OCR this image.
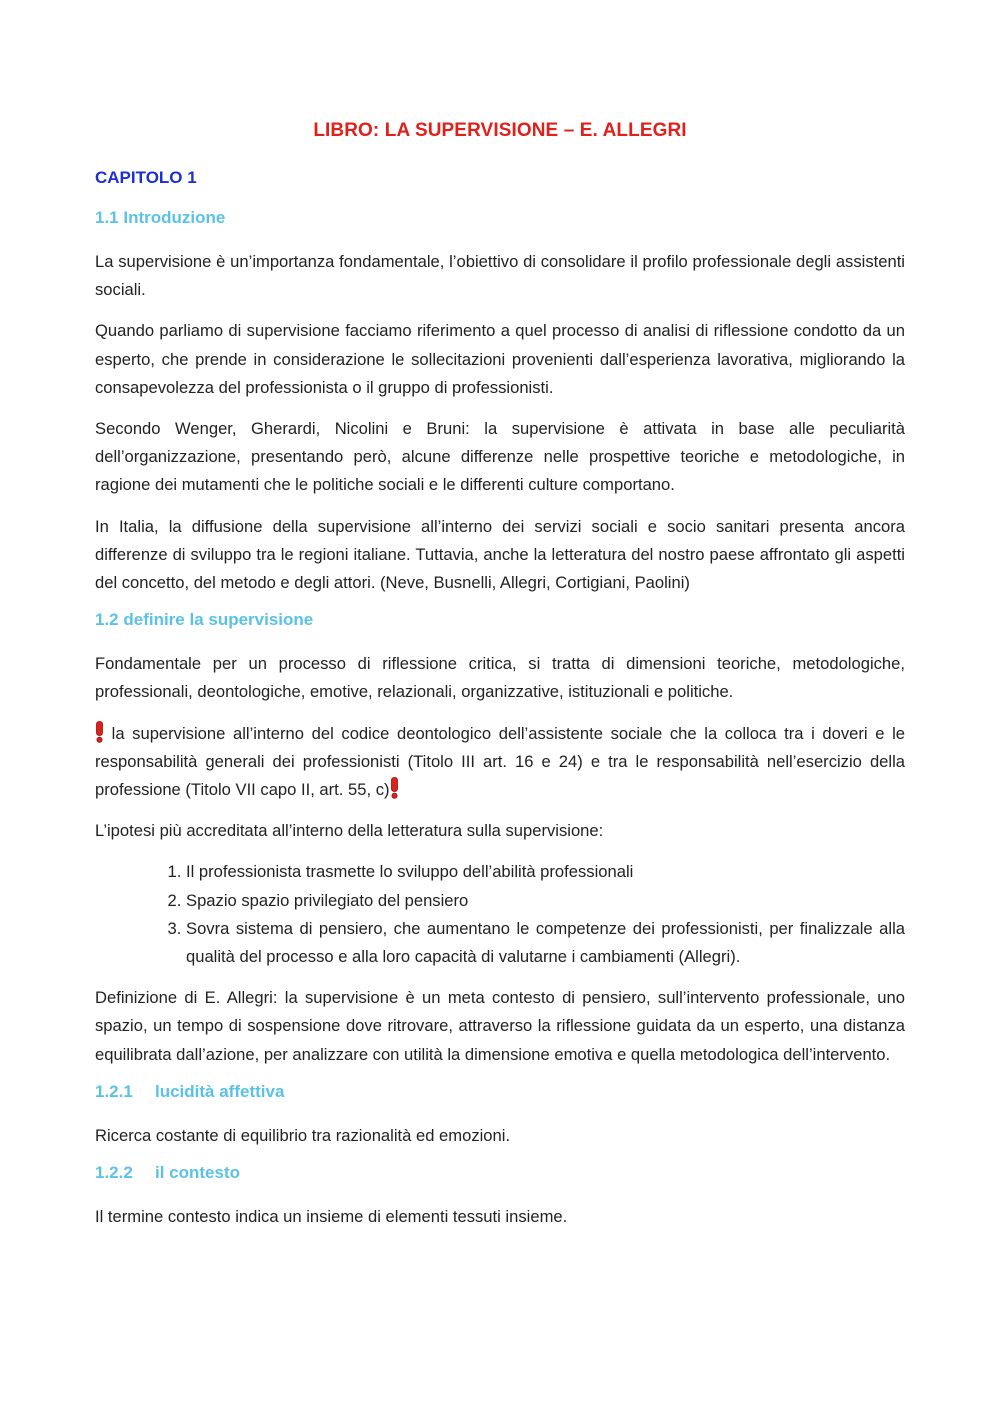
LIBRO: LA SUPERVISIONE – E. ALLEGRI
CAPITOLO 1
1.1 Introduzione

La supervisione è un’importanza fondamentale, l’obiettivo di consolidare il profilo professionale degli assistenti sociali.

Quando parliamo di supervisione facciamo riferimento a quel processo di analisi di riflessione condotto da un esperto, che prende in considerazione le sollecitazioni provenienti dall’esperienza lavorativa, migliorando la consapevolezza del professionista o il gruppo di professionisti.

Secondo Wenger, Gherardi, Nicolini e Bruni: la supervisione è attivata in base alle peculiarità dell’organizzazione, presentando però, alcune differenze nelle prospettive teoriche e metodologiche, in ragione dei mutamenti che le politiche sociali e le differenti culture comportano.

In Italia, la diffusione della supervisione all’interno dei servizi sociali e socio sanitari presenta ancora differenze di sviluppo tra le regioni italiane. Tuttavia, anche la letteratura del nostro paese affrontato gli aspetti del concetto, del metodo e degli attori. (Neve, Busnelli, Allegri, Cortigiani, Paolini)

1.2 definire la supervisione

Fondamentale per un processo di riflessione critica, si tratta di dimensioni teoriche, metodologiche, professionali, deontologiche, emotive, relazionali, organizzative, istituzionali e politiche.

la supervisione all’interno del codice deontologico dell’assistente sociale che la colloca tra i doveri e le responsabilità generali dei professionisti (Titolo III art. 16 e 24) e tra le responsabilità nell’esercizio della professione (Titolo VII capo II, art. 55, c)

L’ipotesi più accreditata all’interno della letteratura sulla supervisione:

1. Il professionista trasmette lo sviluppo dell’abilità professionali
2. Spazio spazio privilegiato del pensiero
3. Sovra sistema di pensiero, che aumentano le competenze dei professionisti, per finalizzale alla qualità del processo e alla loro capacità di valutarne i cambiamenti (Allegri).

Definizione di E. Allegri: la supervisione è un meta contesto di pensiero, sull’intervento professionale, uno spazio, un tempo di sospensione dove ritrovare, attraverso la riflessione guidata da un esperto, una distanza equilibrata dall’azione, per analizzare con utilità la dimensione emotiva e quella metodologica dell’intervento.

1.2.1 lucidità affettiva

Ricerca costante di equilibrio tra razionalità ed emozioni.

1.2.2 il contesto

Il termine contesto indica un insieme di elementi tessuti insieme.
